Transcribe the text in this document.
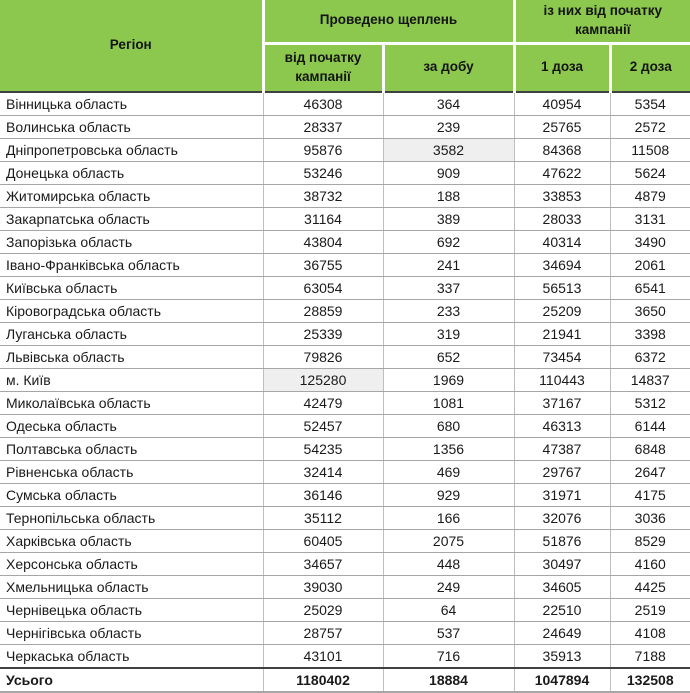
Регіон	Проведено щеплень		із них від початку кампанії	
	від початку кампанії	за добу	1 доза	2 доза
Вінницька область	46308	364	40954	5354
Волинська область	28337	239	25765	2572
Дніпропетровська область	95876	3582	84368	11508
Донецька область	53246	909	47622	5624
Житомирська область	38732	188	33853	4879
Закарпатська область	31164	389	28033	3131
Запорізька область	43804	692	40314	3490
Івано-Франківська область	36755	241	34694	2061
Київська область	63054	337	56513	6541
Кіровоградська область	28859	233	25209	3650
Луганська область	25339	319	21941	3398
Львівська область	79826	652	73454	6372
м. Київ	125280	1969	110443	14837
Миколаївська область	42479	1081	37167	5312
Одеська область	52457	680	46313	6144
Полтавська область	54235	1356	47387	6848
Рівненська область	32414	469	29767	2647
Сумська область	36146	929	31971	4175
Тернопільська область	35112	166	32076	3036
Харківська область	60405	2075	51876	8529
Херсонська область	34657	448	30497	4160
Хмельницька область	39030	249	34605	4425
Чернівецька область	25029	64	22510	2519
Чернігівська область	28757	537	24649	4108
Черкаська область	43101	716	35913	7188
Усього	1180402	18884	1047894	132508
